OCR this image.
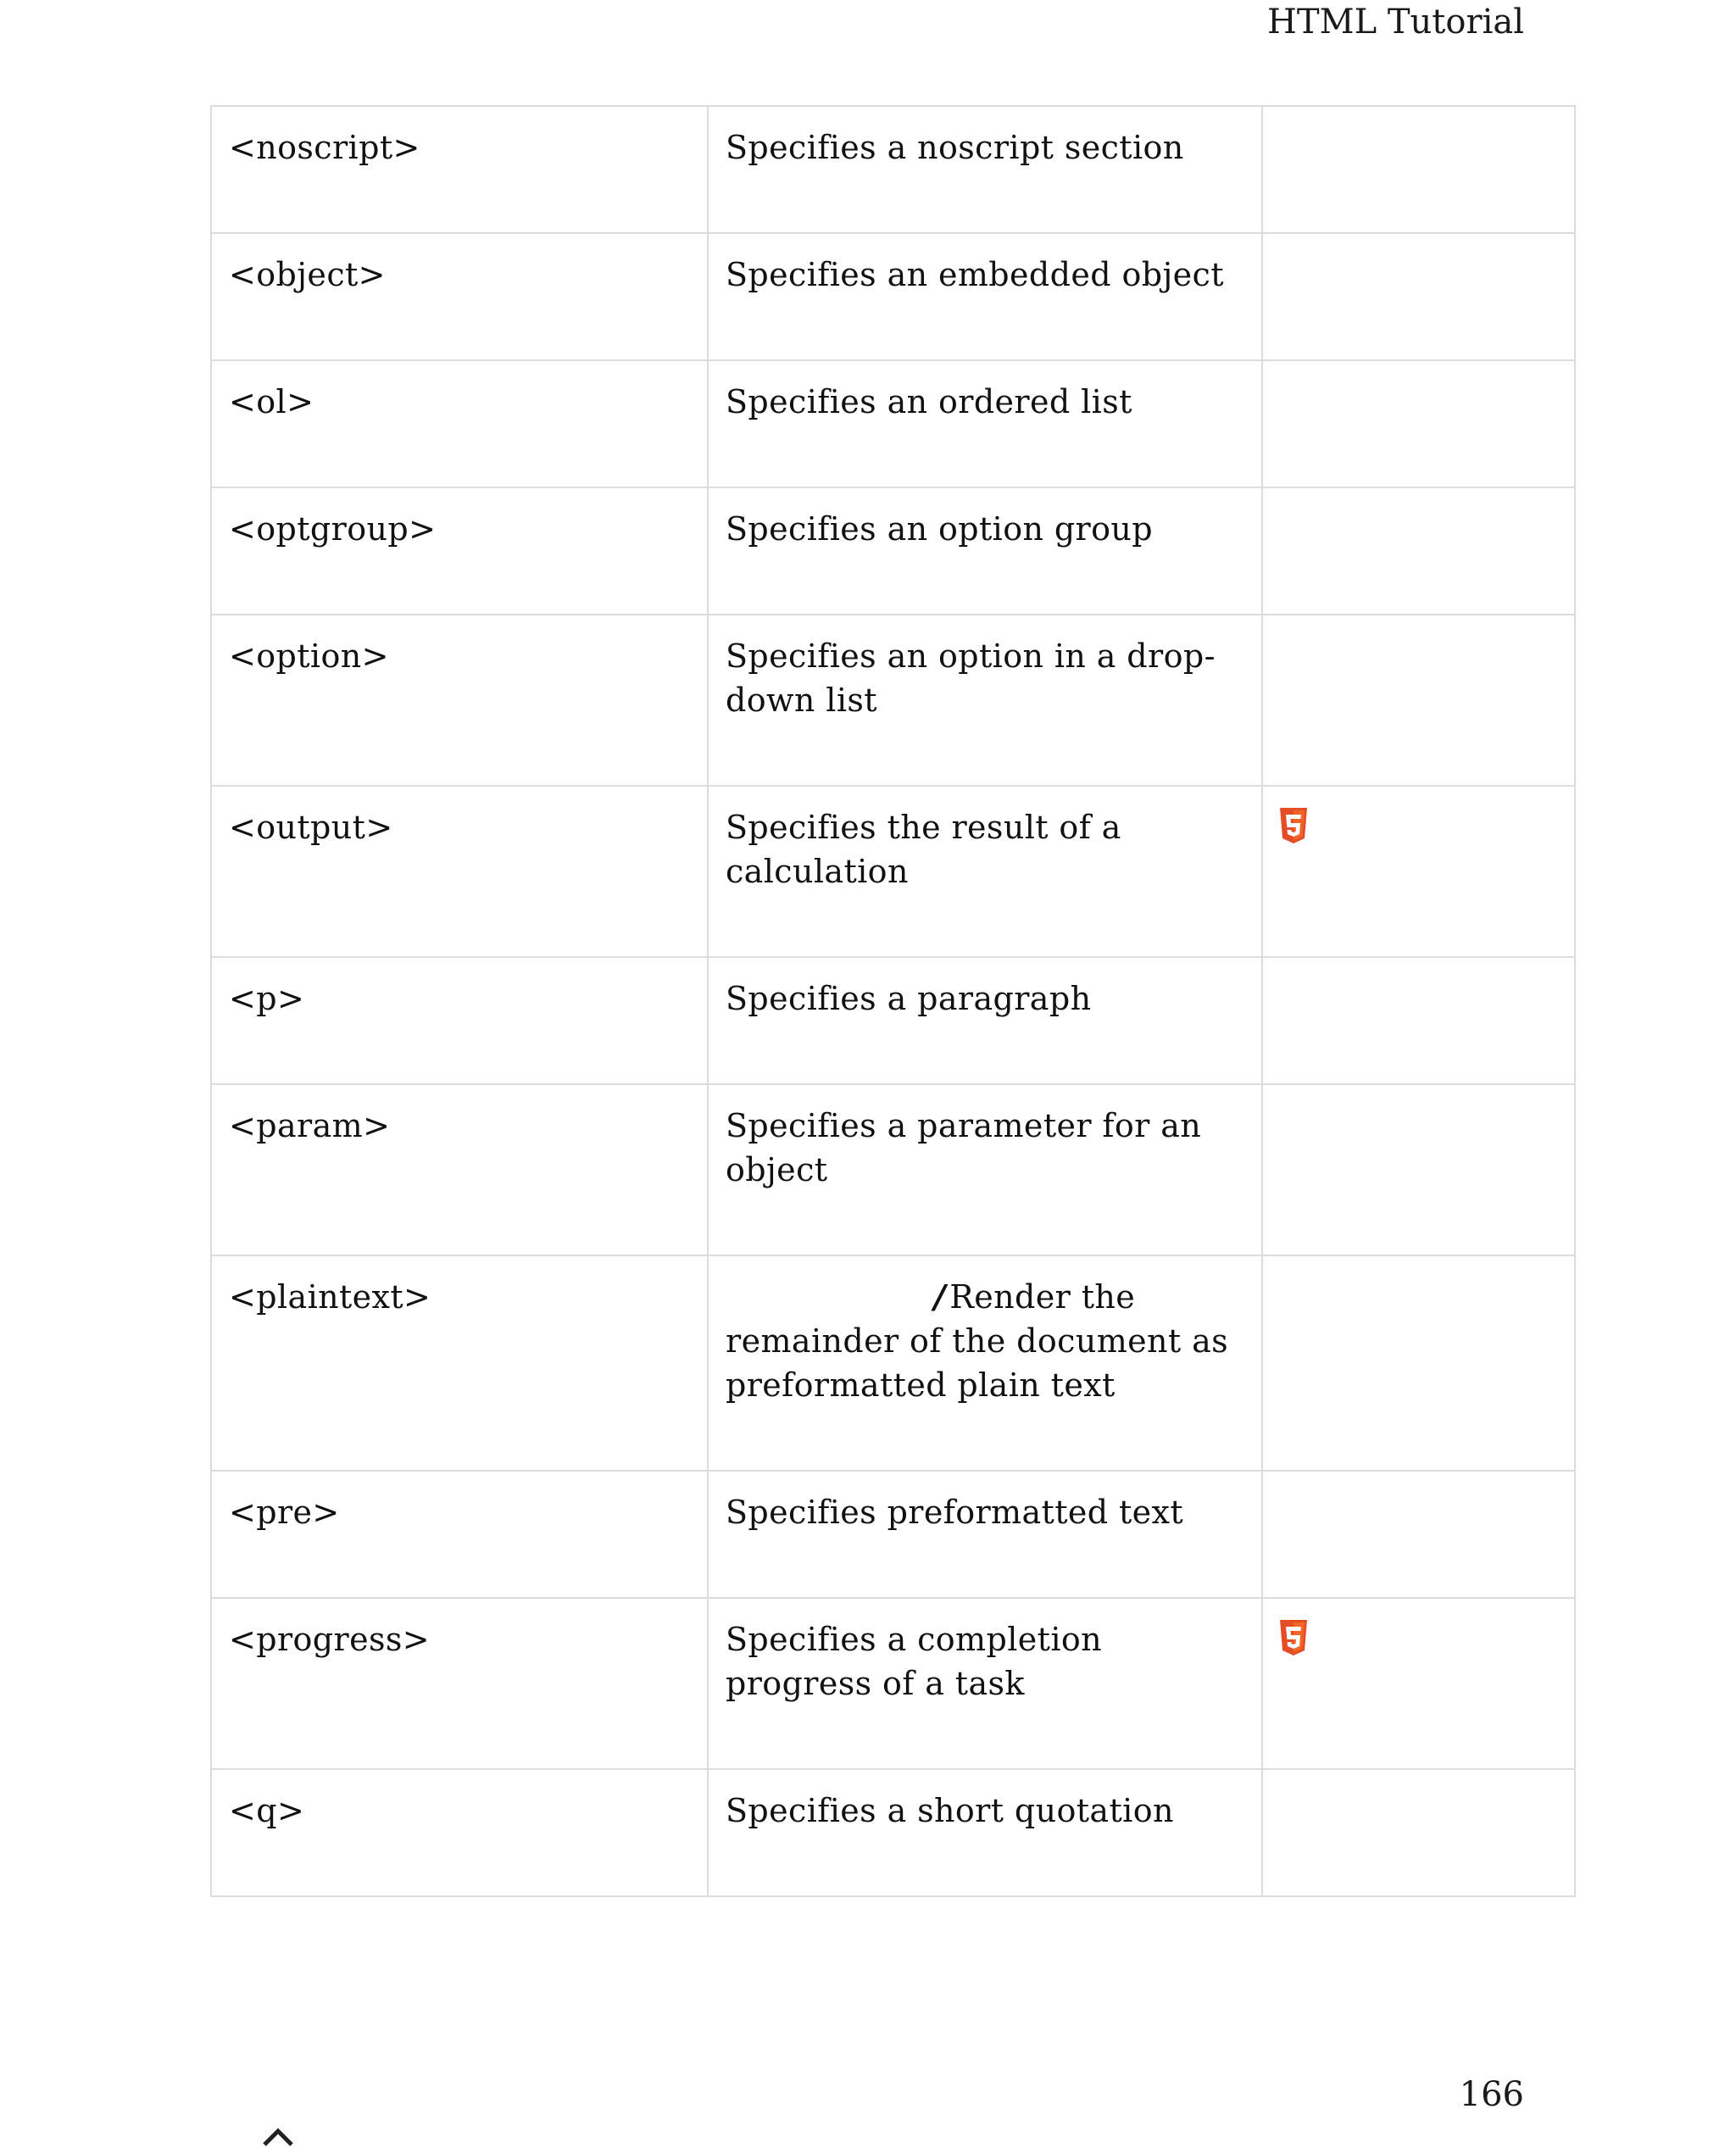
HTML Tutorial
<noscript>	Specifies a noscript section	
<object>	Specifies an embedded object	
<ol>	Specifies an ordered list	
<optgroup>	Specifies an option group	
<option>	Specifies an option in a drop-down list	
<output>	Specifies the result of a calculation	
<p>	Specifies a paragraph	
<param>	Specifies a parameter for an object	
<plaintext>	/ Render the remainder of the document as preformatted plain text	
<pre>	Specifies preformatted text	
<progress>	Specifies a completion progress of a task	
<q>	Specifies a short quotation	
166
